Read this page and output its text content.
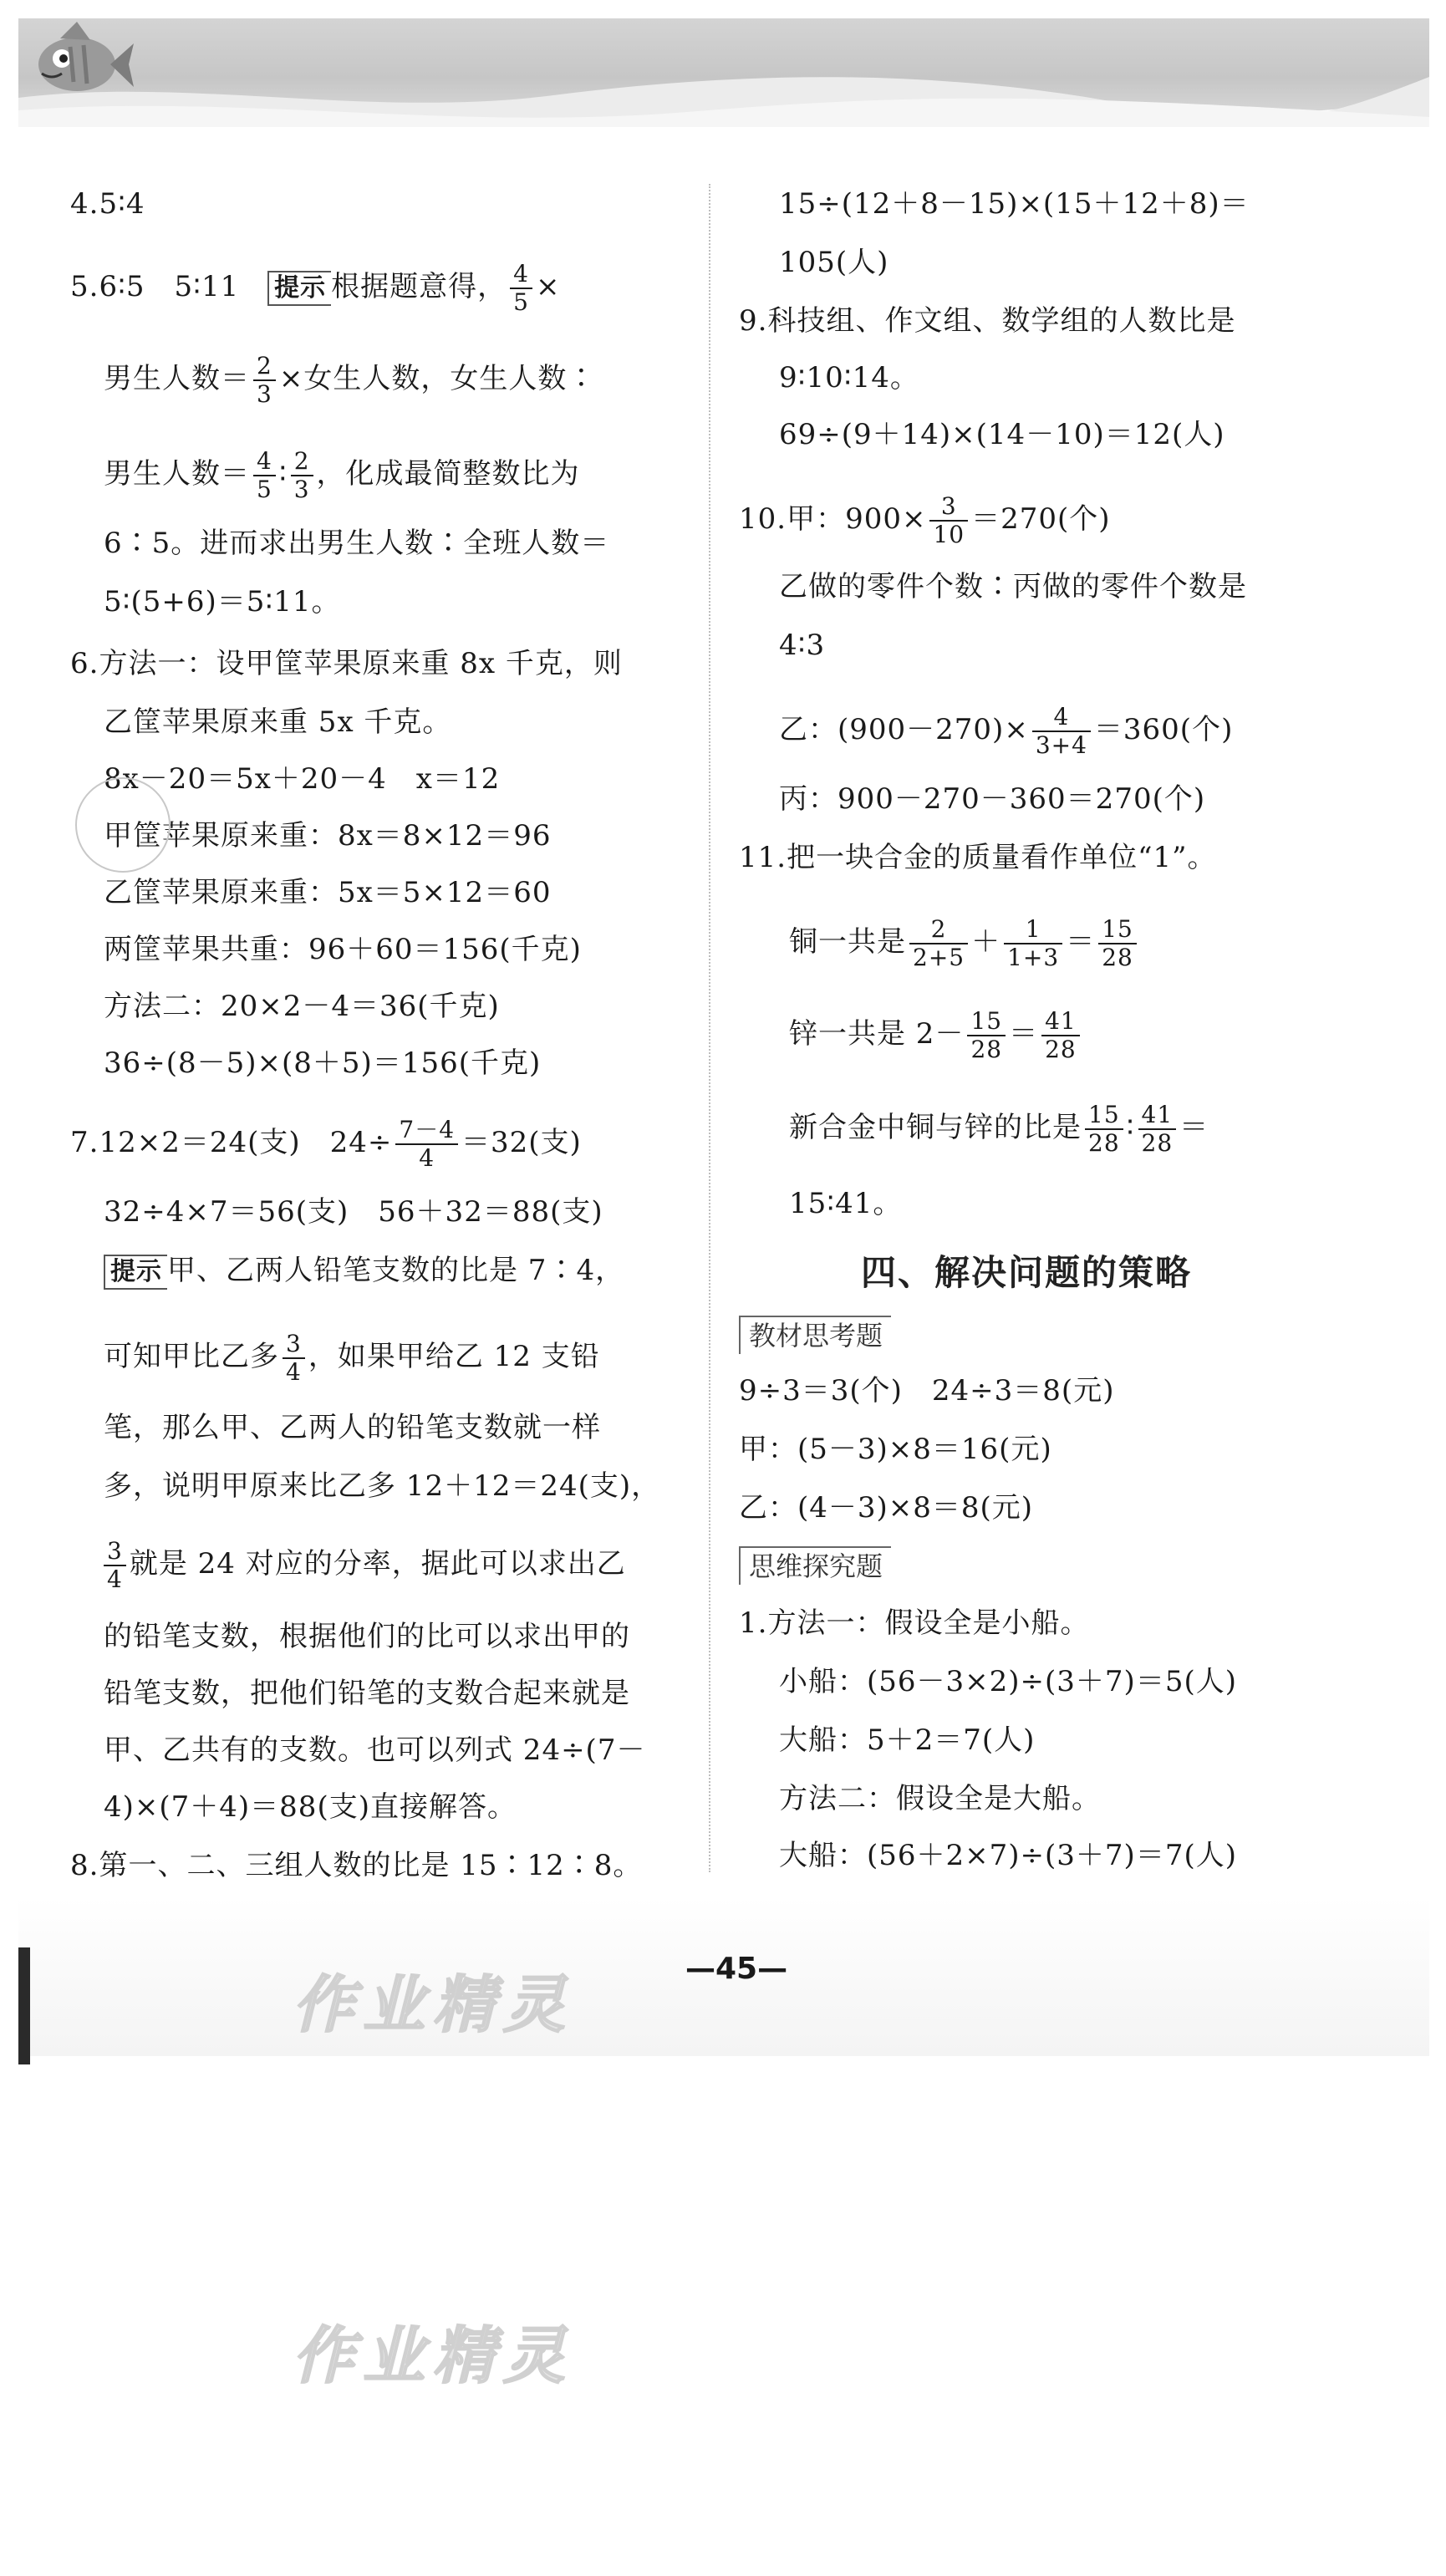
4.5∶4
5.6∶5　5∶11 提示 根据题意得， $\frac{4}{5}$ ×
男生人数＝ $\frac{2}{3}$ ×女生人数，女生人数∶
男生人数＝ $\frac{4}{5}$ ∶ $\frac{2}{3}$ ，化成最简整数比为
6∶5。进而求出男生人数∶全班人数＝
5∶(5+6)＝5∶11。
6.方法一：设甲筐苹果原来重 8x 千克，则
乙筐苹果原来重 5x 千克。
8x－20＝5x＋20－4　x＝12
甲筐苹果原来重：8x＝8×12＝96
乙筐苹果原来重：5x＝5×12＝60
两筐苹果共重：96＋60＝156(千克)
方法二：20×2－4＝36(千克)
36÷(8－5)×(8＋5)＝156(千克)
7.12×2＝24(支)　$24\div \frac{7-4}{4} =32$(支)
32÷4×7＝56(支)　56＋32＝88(支)
提示 甲、乙两人铅笔支数的比是 7∶4，
可知甲比乙多 $\frac{3}{4}$ ，如果甲给乙 12 支铅
笔，那么甲、乙两人的铅笔支数就一样
多，说明甲原来比乙多 12＋12＝24(支)，
$\frac{3}{4}$ 就是 24 对应的分率，据此可以求出乙
的铅笔支数，根据他们的比可以求出甲的
铅笔支数，把他们铅笔的支数合起来就是
甲、乙共有的支数。也可以列式 24÷(7－
4)×(7＋4)＝88(支)直接解答。
8.第一、二、三组人数的比是 15∶12∶8。
15÷(12＋8－15)×(15＋12＋8)＝
105(人)
9.科技组、作文组、数学组的人数比是
9∶10∶14。
69÷(9＋14)×(14－10)＝12(人)
10.甲：$900\times \frac{3}{10} =270$(个)
乙做的零件个数∶丙做的零件个数是
4∶3
乙：$(900-270)\times \frac{4}{3+4} =360$(个)
丙：900－270－360＝270(个)
11.把一块合金的质量看作单位“1”。
铜一共是 $\frac{2}{2+5} + \frac{1}{1+3} = \frac{15}{28}$
锌一共是 $2- \frac{15}{28} = \frac{41}{28}$
新合金中铜与锌的比是 $\frac{15}{28}$ ∶ $\frac{41}{28}$ ＝
15∶41。
四、解决问题的策略
教材思考题
9÷3＝3(个)　24÷3＝8(元)
甲：(5－3)×8＝16(元)
乙：(4－3)×8＝8(元)
思维探究题
1.方法一：假设全是小船。
小船：(56－3×2)÷(3＋7)＝5(人)
大船：5＋2＝7(人)
方法二：假设全是大船。
大船：(56＋2×7)÷(3＋7)＝7(人)
—45—
作业精灵
作业精灵
